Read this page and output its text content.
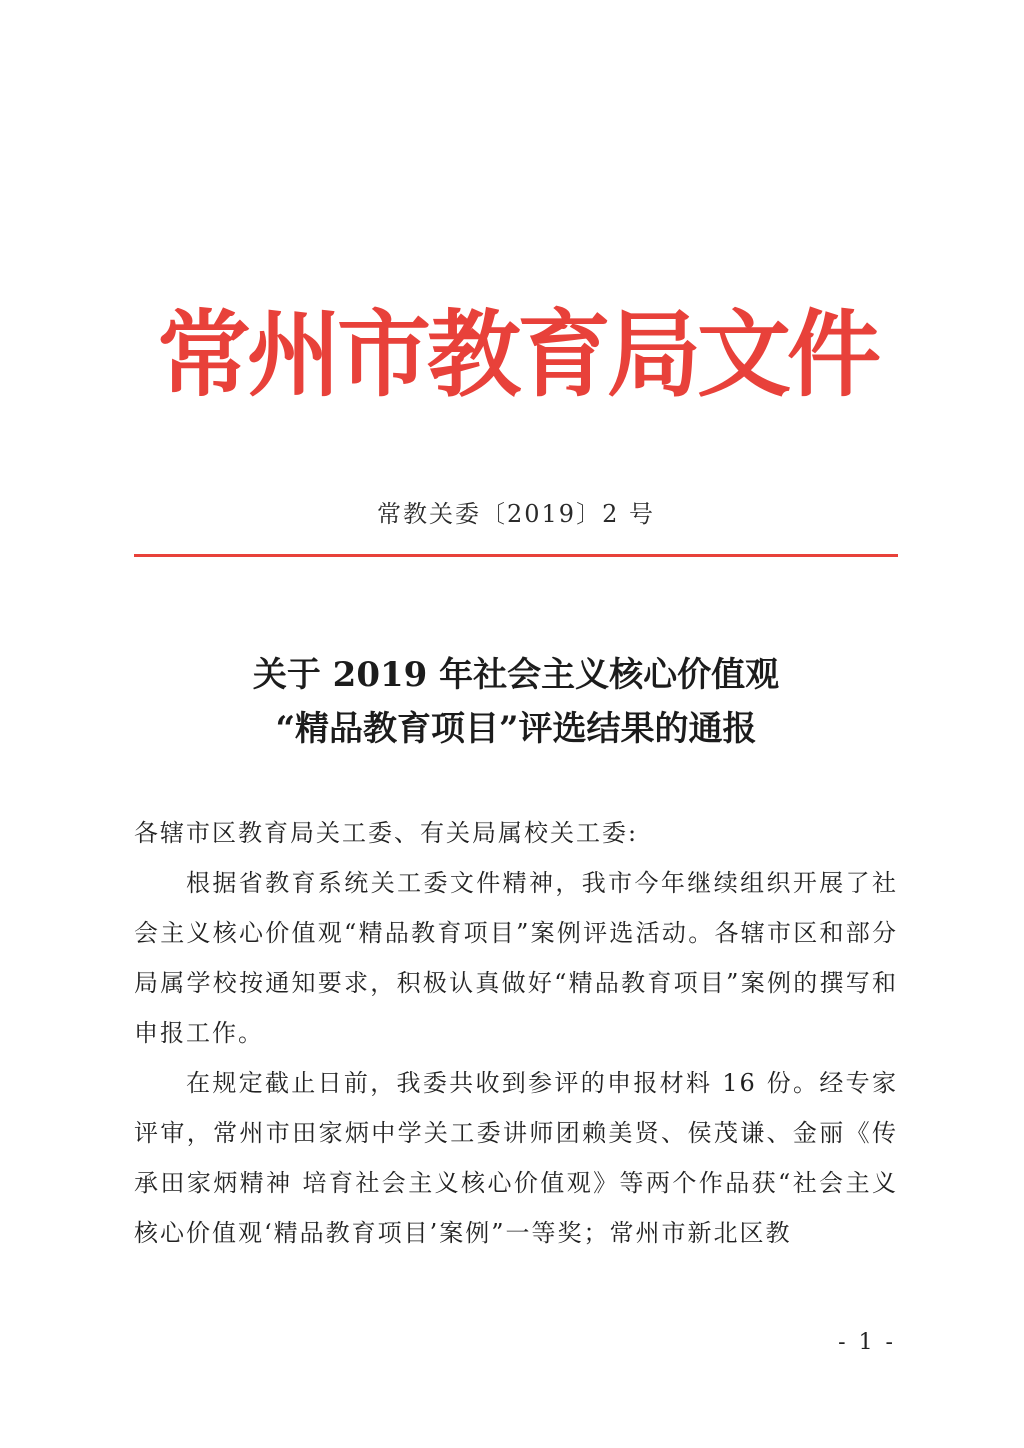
常州市教育局文件
常教关委〔2019〕2 号
关于 2019 年社会主义核心价值观
“精品教育项目”评选结果的通报

各辖市区教育局关工委、有关局属校关工委:

根据省教育系统关工委文件精神，我市今年继续组织开展了社会主义核心价值观“精品教育项目”案例评选活动。各辖市区和部分局属学校按通知要求，积极认真做好“精品教育项目”案例的撰写和申报工作。

在规定截止日前，我委共收到参评的申报材料 16 份。经专家评审，常州市田家炳中学关工委讲师团赖美贤、侯茂谦、金丽《传承田家炳精神 培育社会主义核心价值观》等两个作品获“社会主义核心价值观‘精品教育项目’案例”一等奖；常州市新北区教

- 1 -
